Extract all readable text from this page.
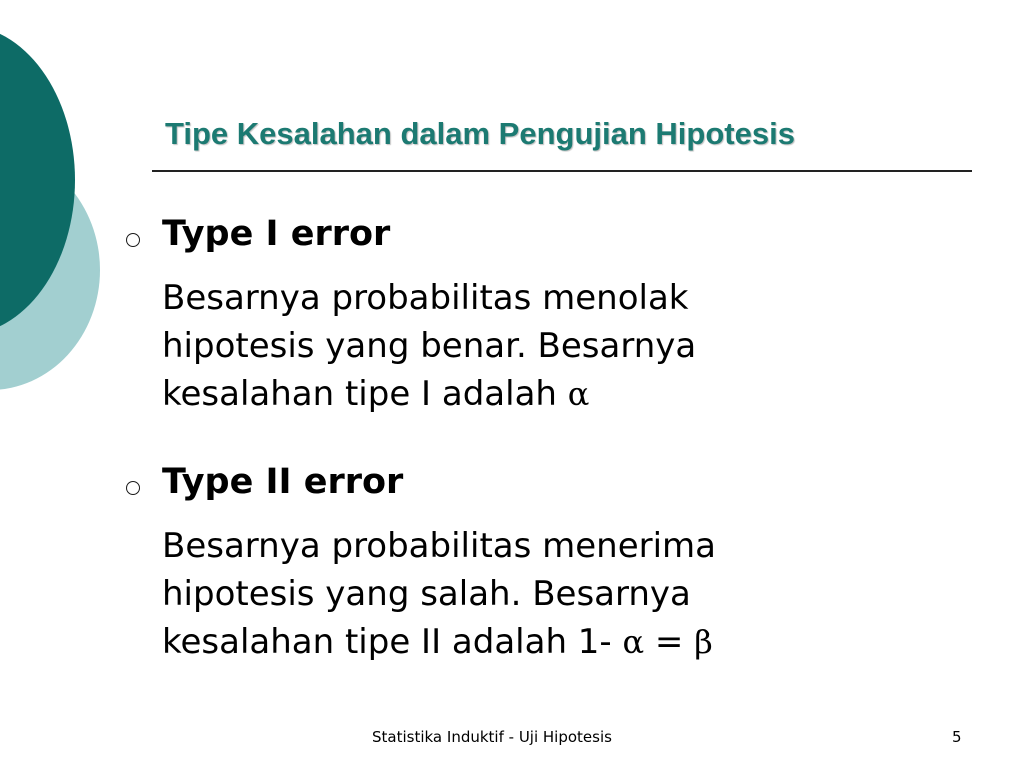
Tipe Kesalahan dalam Pengujian Hipotesis
Type I error
Besarnya probabilitas menolak
hipotesis yang benar. Besarnya
kesalahan tipe I adalah α
Type II error
Besarnya probabilitas menerima
hipotesis yang salah. Besarnya
kesalahan tipe II adalah 1- α = β
Statistika Induktif - Uji Hipotesis	5
